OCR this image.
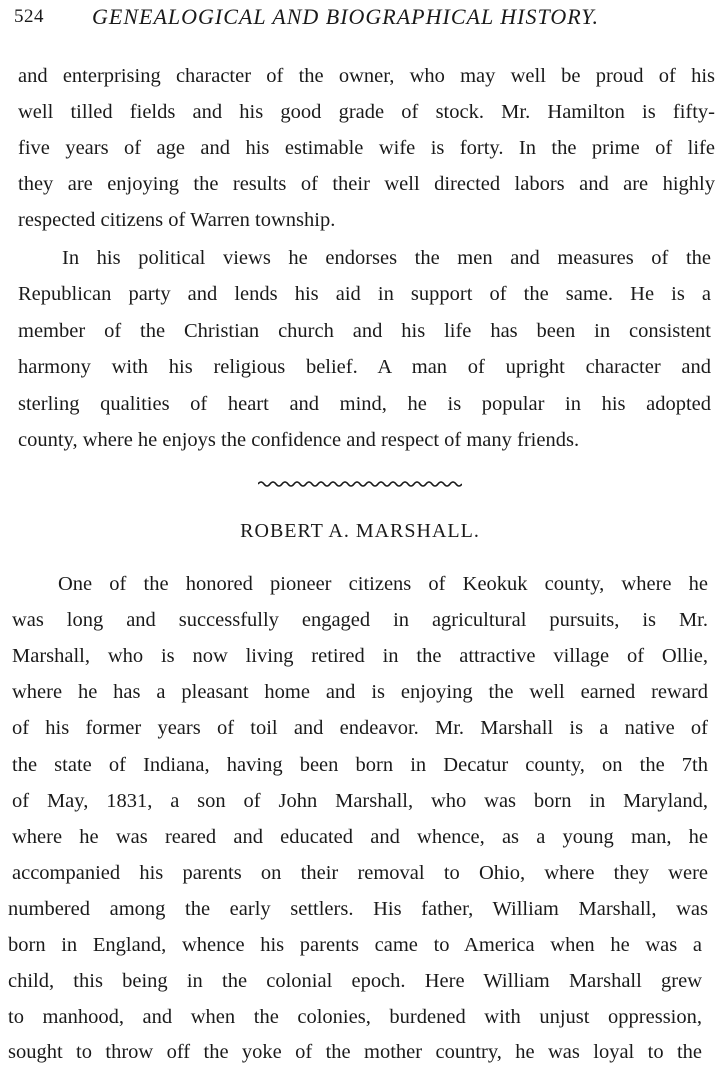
524 GENEALOGICAL AND BIOGRAPHICAL HISTORY.
and enterprising character of the owner, who may well be proud of his
well tilled fields and his good grade of stock. Mr. Hamilton is fifty-
five years of age and his estimable wife is forty. In the prime of life
they are enjoying the results of their well directed labors and are highly
respected citizens of Warren township.
In his political views he endorses the men and measures of the
Republican party and lends his aid in support of the same. He is a
member of the Christian church and his life has been in consistent
harmony with his religious belief. A man of upright character and
sterling qualities of heart and mind, he is popular in his adopted
county, where he enjoys the confidence and respect of many friends.
ROBERT A. MARSHALL.
One of the honored pioneer citizens of Keokuk county, where he
was long and successfully engaged in agricultural pursuits, is Mr.
Marshall, who is now living retired in the attractive village of Ollie,
where he has a pleasant home and is enjoying the well earned reward
of his former years of toil and endeavor. Mr. Marshall is a native of
the state of Indiana, having been born in Decatur county, on the 7th
of May, 1831, a son of John Marshall, who was born in Maryland,
where he was reared and educated and whence, as a young man, he
accompanied his parents on their removal to Ohio, where they were
numbered among the early settlers. His father, William Marshall, was
born in England, whence his parents came to America when he was a
child, this being in the colonial epoch. Here William Marshall grew
to manhood, and when the colonies, burdened with unjust oppression,
sought to throw off the yoke of the mother country, he was loyal to the
